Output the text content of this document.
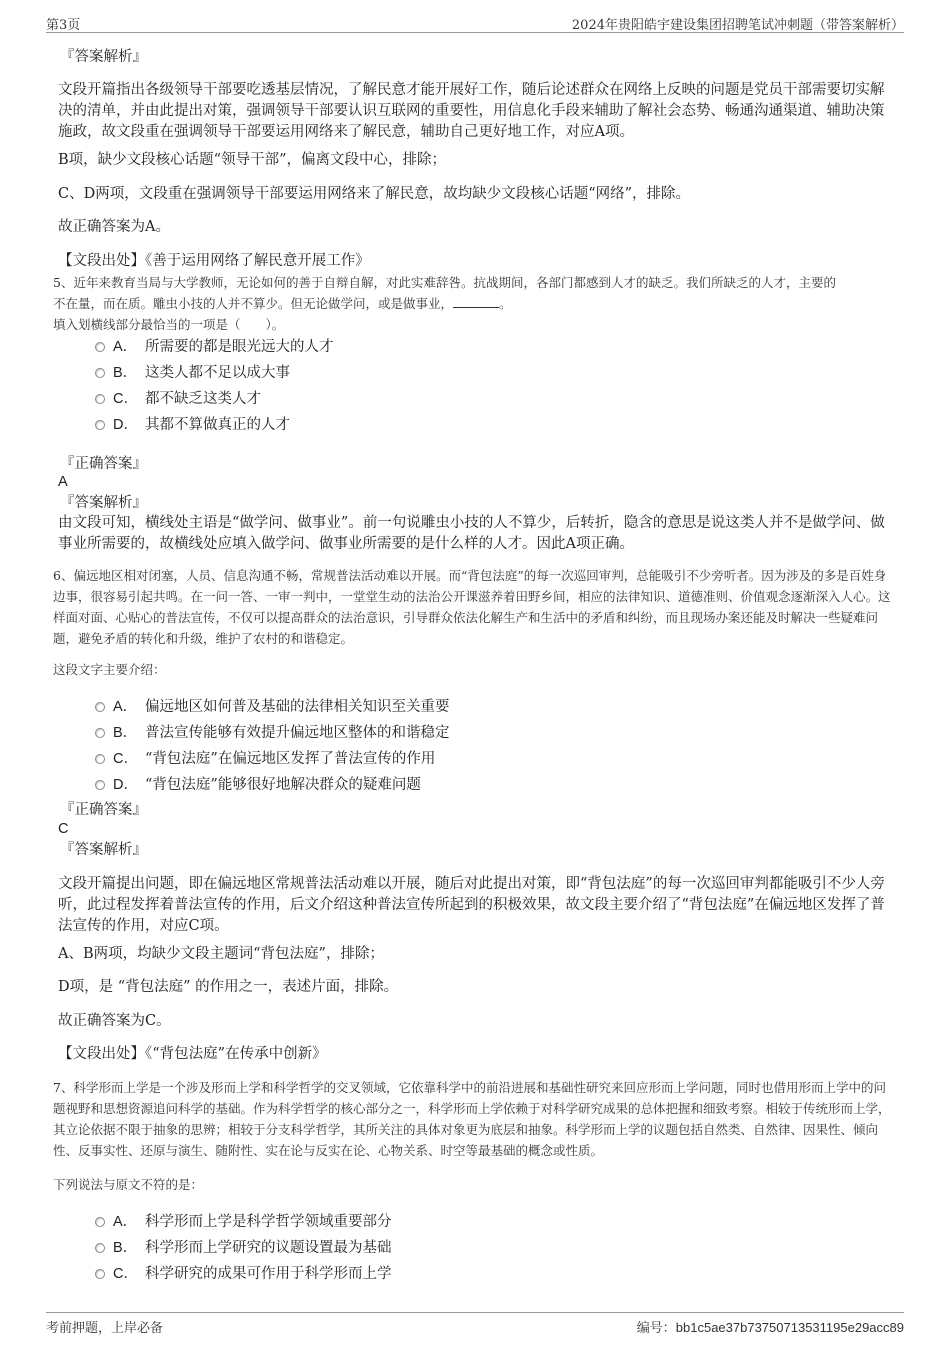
第3页	2024年贵阳皓宇建设集团招聘笔试冲刺题（带答案解析）
『答案解析』
文段开篇指出各级领导干部要吃透基层情况，了解民意才能开展好工作，随后论述群众在网络上反映的问题是党员干部需要切实解决的清单，并由此提出对策，强调领导干部要认识互联网的重要性，用信息化手段来辅助了解社会态势、畅通沟通渠道、辅助决策施政，故文段重在强调领导干部要运用网络来了解民意，辅助自己更好地工作，对应A项。
B项，缺少文段核心话题“领导干部”，偏离文段中心，排除；
C、D两项，文段重在强调领导干部要运用网络来了解民意，故均缺少文段核心话题“网络”，排除。
故正确答案为A。
【文段出处】《善于运用网络了解民意开展工作》
5、近年来教育当局与大学教师，无论如何的善于自辩自解，对此实难辞咎。抗战期间，各部门都感到人才的缺乏。我们所缺乏的人才，主要的
不在量，而在质。雕虫小技的人并不算少。但无论做学问，或是做事业，	。
填入划横线部分最恰当的一项是（　　）。
A． 所需要的都是眼光远大的人才
B． 这类人都不足以成大事
C． 都不缺乏这类人才
D． 其都不算做真正的人才
『正确答案』
A
『答案解析』
由文段可知，横线处主语是“做学问、做事业”。前一句说雕虫小技的人不算少，后转折，隐含的意思是说这类人并不是做学问、做事业所需要的，故横线处应填入做学问、做事业所需要的是什么样的人才。因此A项正确。
6、偏远地区相对闭塞，人员、信息沟通不畅，常规普法活动难以开展。而“背包法庭”的每一次巡回审判，总能吸引不少旁听者。因为涉及的多是百姓身边事，很容易引起共鸣。在一问一答、一审一判中，一堂堂生动的法治公开课滋养着田野乡间，相应的法律知识、道德准则、价值观念逐渐深入人心。这样面对面、心贴心的普法宣传，不仅可以提高群众的法治意识，引导群众依法化解生产和生活中的矛盾和纠纷，而且现场办案还能及时解决一些疑难问题，避免矛盾的转化和升级，维护了农村的和谐稳定。
这段文字主要介绍：
A． 偏远地区如何普及基础的法律相关知识至关重要
B． 普法宣传能够有效提升偏远地区整体的和谐稳定
C． “背包法庭”在偏远地区发挥了普法宣传的作用
D． “背包法庭”能够很好地解决群众的疑难问题
『正确答案』
C
『答案解析』
文段开篇提出问题，即在偏远地区常规普法活动难以开展，随后对此提出对策，即“背包法庭”的每一次巡回审判都能吸引不少人旁听，此过程发挥着普法宣传的作用，后文介绍这种普法宣传所起到的积极效果，故文段主要介绍了“背包法庭”在偏远地区发挥了普法宣传的作用，对应C项。
A、B两项，均缺少文段主题词“背包法庭”，排除；
D项，是 “背包法庭” 的作用之一，表述片面，排除。
故正确答案为C。
【文段出处】《“背包法庭”在传承中创新》
7、科学形而上学是一个涉及形而上学和科学哲学的交叉领域，它依靠科学中的前沿进展和基础性研究来回应形而上学问题，同时也借用形而上学中的问题视野和思想资源追问科学的基础。作为科学哲学的核心部分之一，科学形而上学依赖于对科学研究成果的总体把握和细致考察。相较于传统形而上学，其立论依据不限于抽象的思辨；相较于分支科学哲学，其所关注的具体对象更为底层和抽象。科学形而上学的议题包括自然类、自然律、因果性、倾向性、反事实性、还原与演生、随附性、实在论与反实在论、心物关系、时空等最基础的概念或性质。
下列说法与原文不符的是：
A． 科学形而上学是科学哲学领域重要部分
B． 科学形而上学研究的议题设置最为基础
C． 科学研究的成果可作用于科学形而上学
考前押题，上岸必备	编号：bb1c5ae37b73750713531195e29acc89
